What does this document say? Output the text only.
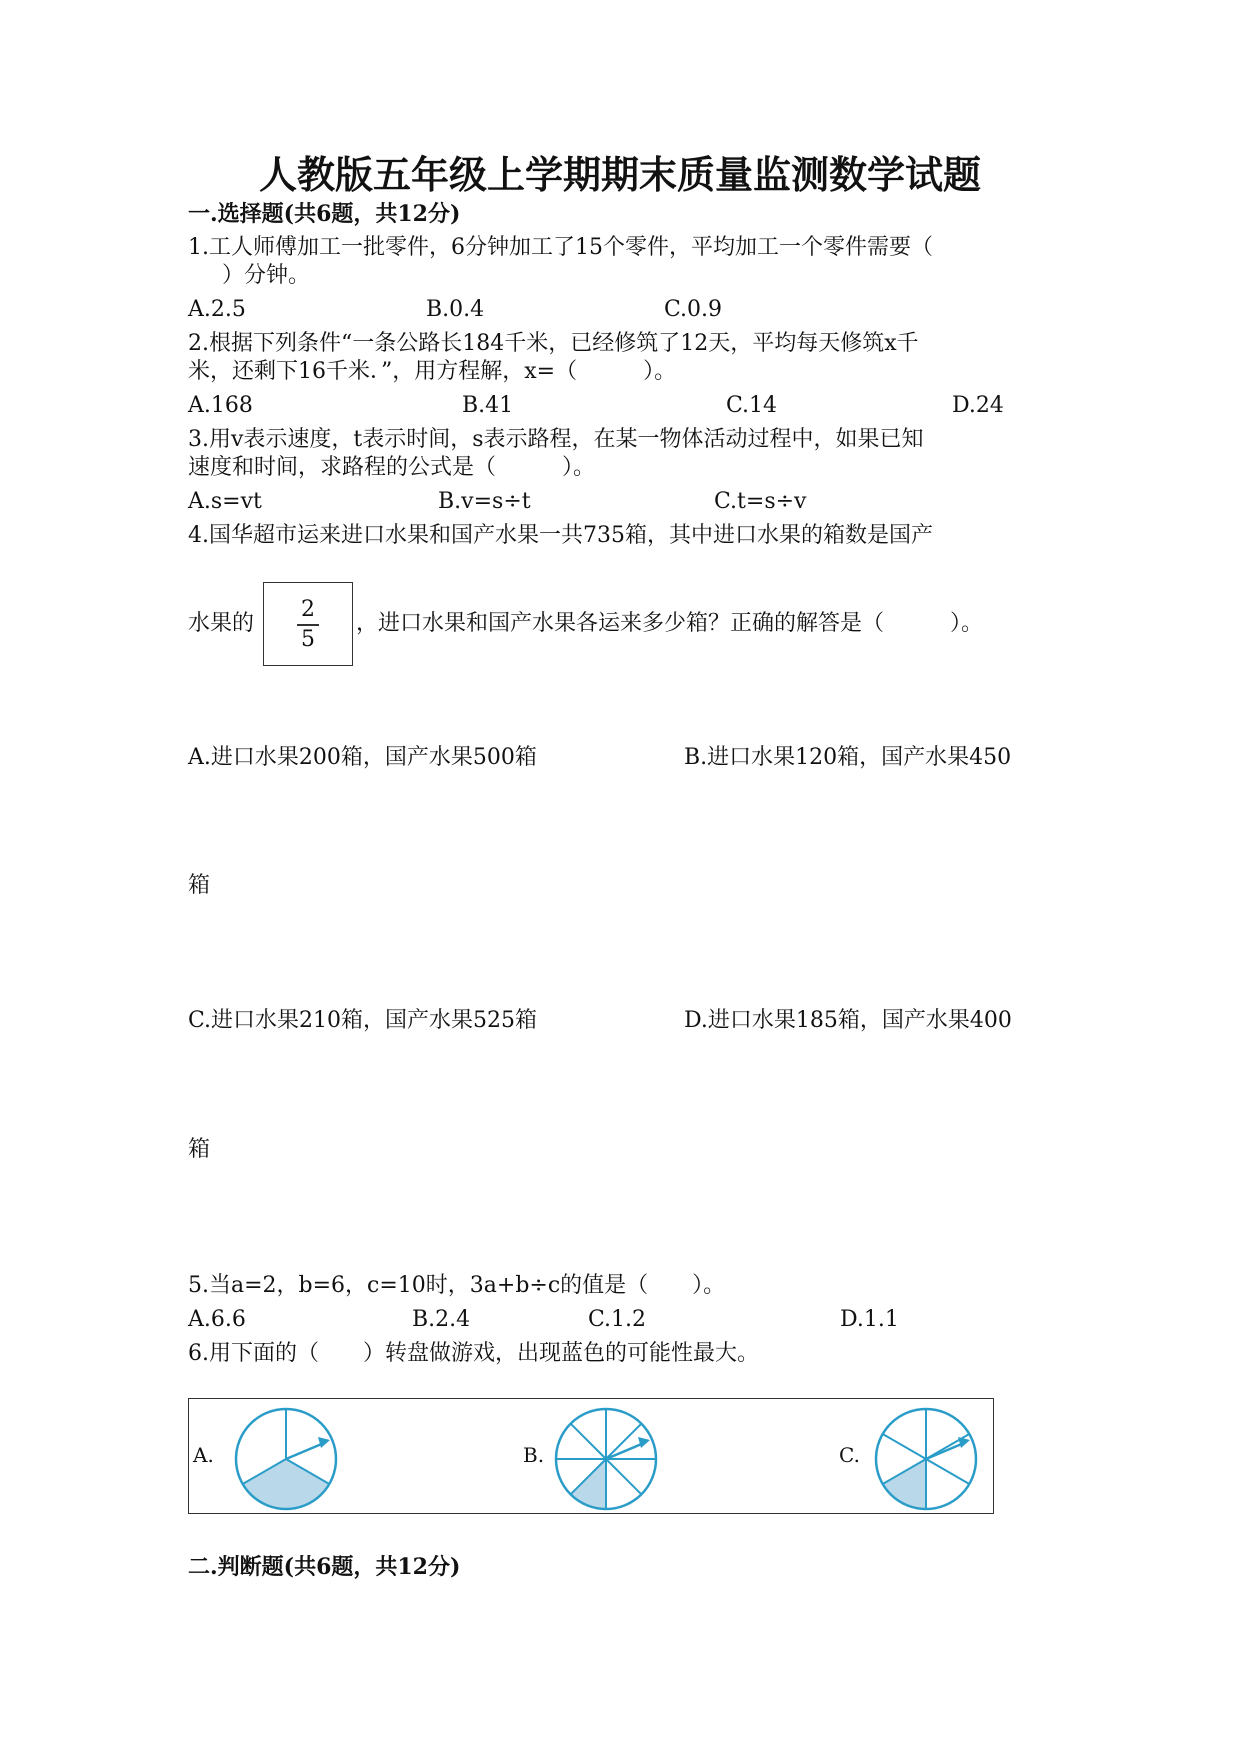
人教版五年级上学期期末质量监测数学试题
一.选择题(共6题，共12分)
1.工人师傅加工一批零件，6分钟加工了15个零件，平均加工一个零件需要（
）分钟。
A.2.5	B.0.4	C.0.9
2.根据下列条件“一条公路长184千米，已经修筑了12天，平均每天修筑x千
米，还剩下16千米．”，用方程解，x=（　　　）。
A.168	B.41	C.14	D.24
3.用v表示速度，t表示时间，s表示路程，在某一物体活动过程中，如果已知
速度和时间，求路程的公式是（　　　）。
A.s=vt	B.v=s÷t	C.t=s÷v
4.国华超市运来进口水果和国产水果一共735箱，其中进口水果的箱数是国产
水果的
2
5
，进口水果和国产水果各运来多少箱？正确的解答是（　　　）。
A.进口水果200箱，国产水果500箱	B.进口水果120箱，国产水果450
箱
C.进口水果210箱，国产水果525箱	D.进口水果185箱，国产水果400
箱
5.当a=2，b=6，c=10时，3a+b÷c的值是（　　）。
A.6.6	B.2.4	C.1.2	D.1.1
6.用下面的（　　）转盘做游戏，出现蓝色的可能性最大。
A.	B.	C.
二.判断题(共6题，共12分)
